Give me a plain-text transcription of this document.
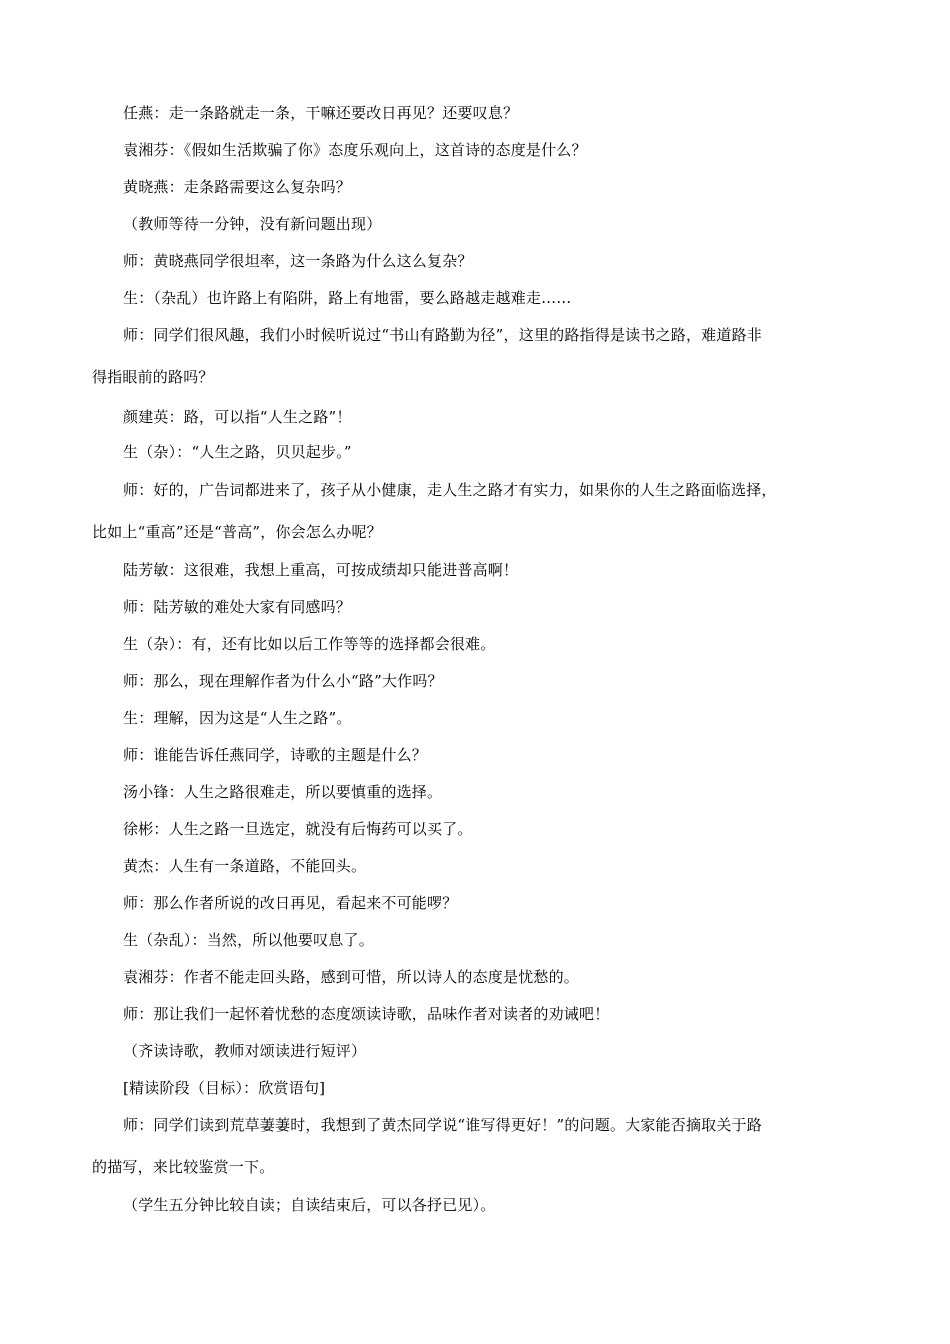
任燕：走一条路就走一条，干嘛还要改日再见？还要叹息？
袁湘芬：《假如生活欺骗了你》态度乐观向上，这首诗的态度是什么？
黄晓燕：走条路需要这么复杂吗？
（教师等待一分钟，没有新问题出现）
师：黄晓燕同学很坦率，这一条路为什么这么复杂？
生：（杂乱）也许路上有陷阱，路上有地雷，要么路越走越难走……
师：同学们很风趣，我们小时候听说过“书山有路勤为径”，这里的路指得是读书之路，难道路非
得指眼前的路吗？
颜建英：路，可以指“人生之路”！
生（杂）：“人生之路，贝贝起步。”
师：好的，广告词都进来了，孩子从小健康，走人生之路才有实力，如果你的人生之路面临选择，
比如上“重高”还是“普高”，你会怎么办呢？
陆芳敏：这很难，我想上重高，可按成绩却只能进普高啊！
师：陆芳敏的难处大家有同感吗？
生（杂）：有，还有比如以后工作等等的选择都会很难。
师：那么，现在理解作者为什么小“路”大作吗？
生：理解，因为这是“人生之路”。
师：谁能告诉任燕同学，诗歌的主题是什么？
汤小锋：人生之路很难走，所以要慎重的选择。
徐彬：人生之路一旦选定，就没有后悔药可以买了。
黄杰：人生有一条道路，不能回头。
师：那么作者所说的改日再见，看起来不可能啰？
生（杂乱）：当然，所以他要叹息了。
袁湘芬：作者不能走回头路，感到可惜，所以诗人的态度是忧愁的。
师：那让我们一起怀着忧愁的态度颂读诗歌，品味作者对读者的劝诫吧！
（齐读诗歌，教师对颂读进行短评）
[精读阶段（目标）：欣赏语句]
师：同学们读到荒草萋萋时，我想到了黄杰同学说“谁写得更好！”的问题。大家能否摘取关于路
的描写，来比较鉴赏一下。
（学生五分钟比较自读；自读结束后，可以各抒已见）。
